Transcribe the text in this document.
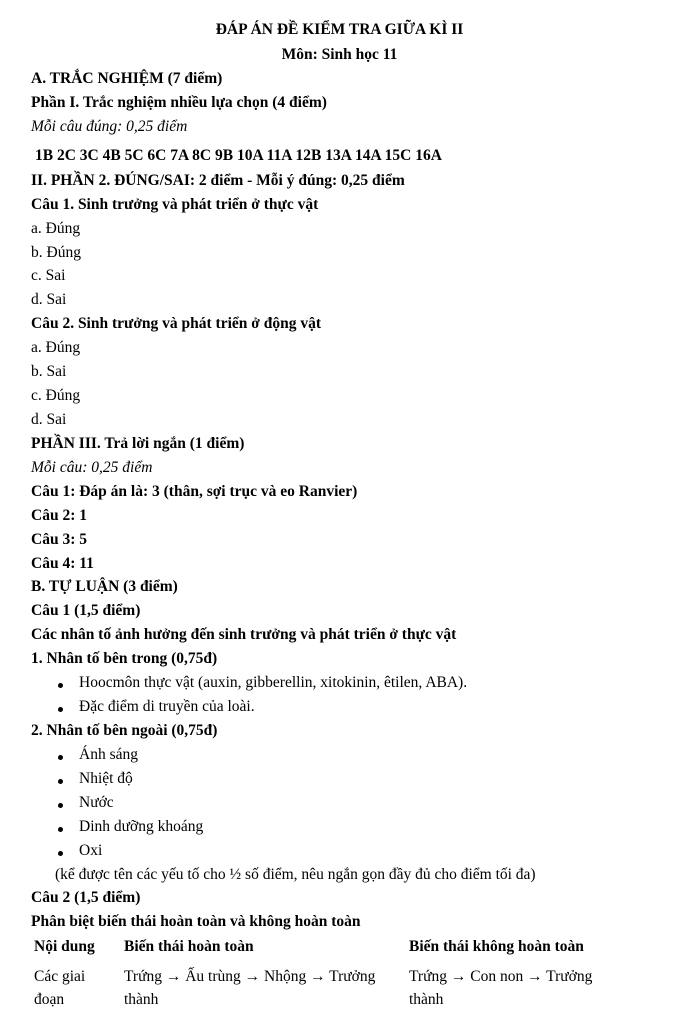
ĐÁP ÁN ĐỀ KIỂM TRA GIỮA KÌ II
Môn: Sinh học 11
A. TRẮC NGHIỆM (7 điểm)
Phần I. Trắc nghiệm nhiều lựa chọn (4 điểm)
Mỗi câu đúng: 0,25 điểm
1B 2C 3C 4B 5C 6C 7A 8C 9B 10A 11A 12B 13A 14A 15C 16A
II. PHẦN 2. ĐÚNG/SAI: 2 điểm - Mỗi ý đúng: 0,25 điểm
Câu 1. Sinh trưởng và phát triển ở thực vật
a. Đúng
b. Đúng
c. Sai
d. Sai
Câu 2. Sinh trưởng và phát triển ở động vật
a. Đúng
b. Sai
c. Đúng
d. Sai
PHẦN III. Trả lời ngắn (1 điểm)
Mỗi câu: 0,25 điểm
Câu 1: Đáp án là: 3 (thân, sợi trục và eo Ranvier)
Câu 2: 1
Câu 3: 5
Câu 4: 11
B. TỰ LUẬN (3 điểm)
Câu 1 (1,5 điểm)
Các nhân tố ảnh hưởng đến sinh trưởng và phát triển ở thực vật
1. Nhân tố bên trong (0,75đ)
Hoocmôn thực vật (auxin, gibberellin, xitokinin, êtilen, ABA).
Đặc điểm di truyền của loài.
2. Nhân tố bên ngoài (0,75đ)
Ánh sáng
Nhiệt độ
Nước
Dinh dưỡng khoáng
Oxi
(kể được tên các yếu tố cho ½ số điểm, nêu ngắn gọn đầy đủ cho điểm tối đa)
Câu 2 (1,5 điểm)
Phân biệt biến thái hoàn toàn và không hoàn toàn
Nội dung	Biến thái hoàn toàn	Biến thái không hoàn toàn
Các giai đoạn	Trứng → Ấu trùng → Nhộng → Trưởng thành	Trứng → Con non → Trưởng thành
